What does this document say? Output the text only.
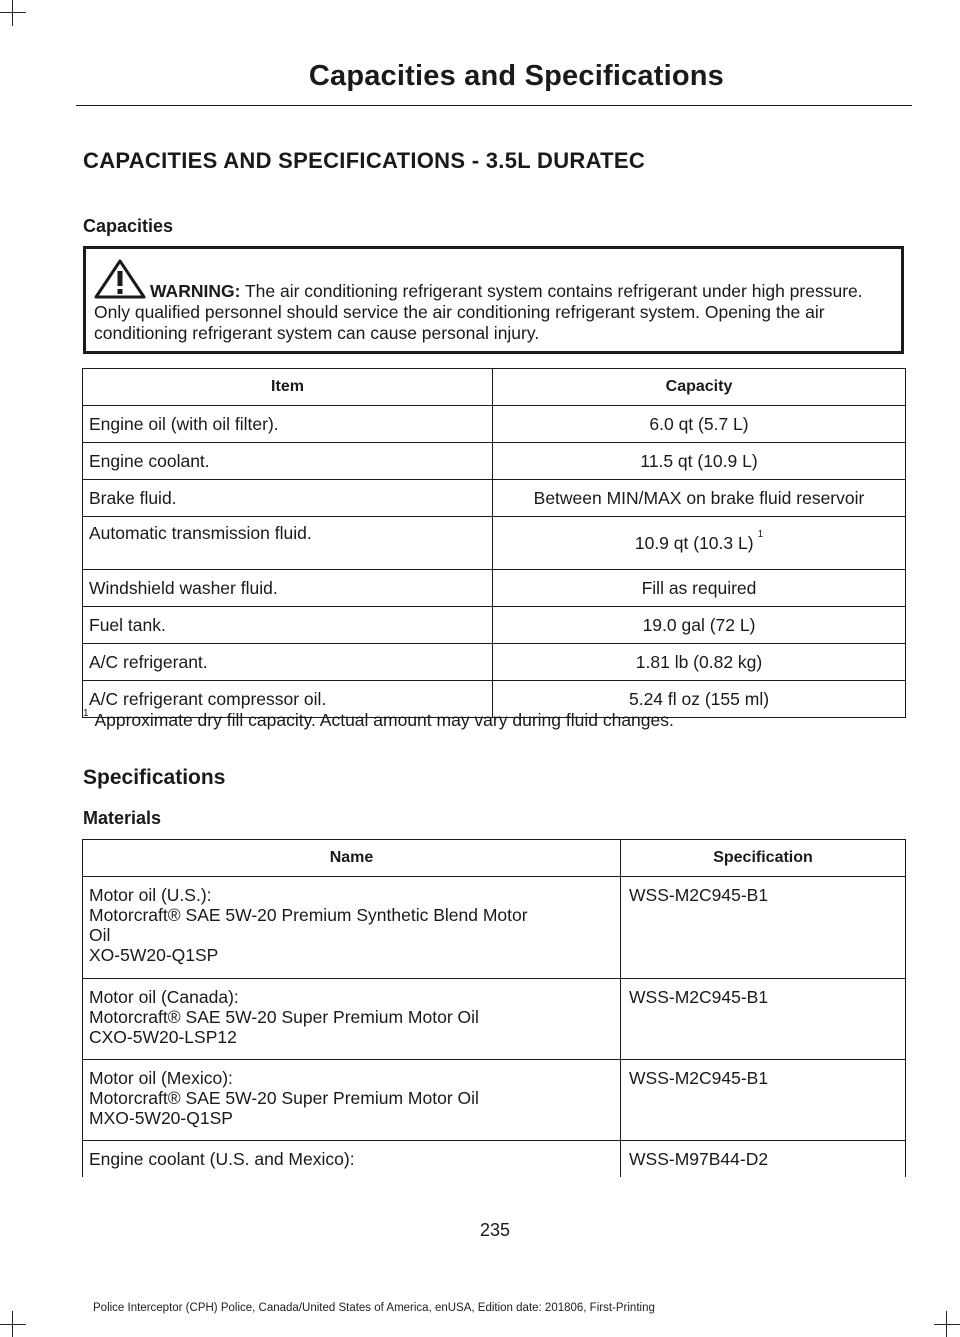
Capacities and Specifications
CAPACITIES AND SPECIFICATIONS - 3.5L DURATEC
Capacities
WARNING: The air conditioning refrigerant system contains refrigerant under high pressure. Only qualified personnel should service the air conditioning refrigerant system. Opening the air conditioning refrigerant system can cause personal injury.
Item	Capacity
Engine oil (with oil filter).	6.0 qt (5.7 L)
Engine coolant.	11.5 qt (10.9 L)
Brake fluid.	Between MIN/MAX on brake fluid reservoir
Automatic transmission fluid.	10.9 qt (10.3 L) $^1$
Windshield washer fluid.	Fill as required
Fuel tank.	19.0 gal (72 L)
A/C refrigerant.	1.81 lb (0.82 kg)
A/C refrigerant compressor oil.	5.24 fl oz (155 ml)
$^1$ Approximate dry fill capacity. Actual amount may vary during fluid changes.
Specifications
Materials
Name	Specification

Motor oil (U.S.):
Motorcraft® SAE 5W-20 Premium Synthetic Blend Motor
Oil
XO-5W20-Q1SP	WSS-M2C945-B1

Motor oil (Canada):
Motorcraft® SAE 5W-20 Super Premium Motor Oil
CXO-5W20-LSP12	WSS-M2C945-B1

Motor oil (Mexico):
Motorcraft® SAE 5W-20 Super Premium Motor Oil
MXO-5W20-Q1SP	WSS-M2C945-B1

Engine coolant (U.S. and Mexico):	WSS-M97B44-D2
235
Police Interceptor (CPH) Police, Canada/United States of America, enUSA, Edition date: 201806, First-Printing
